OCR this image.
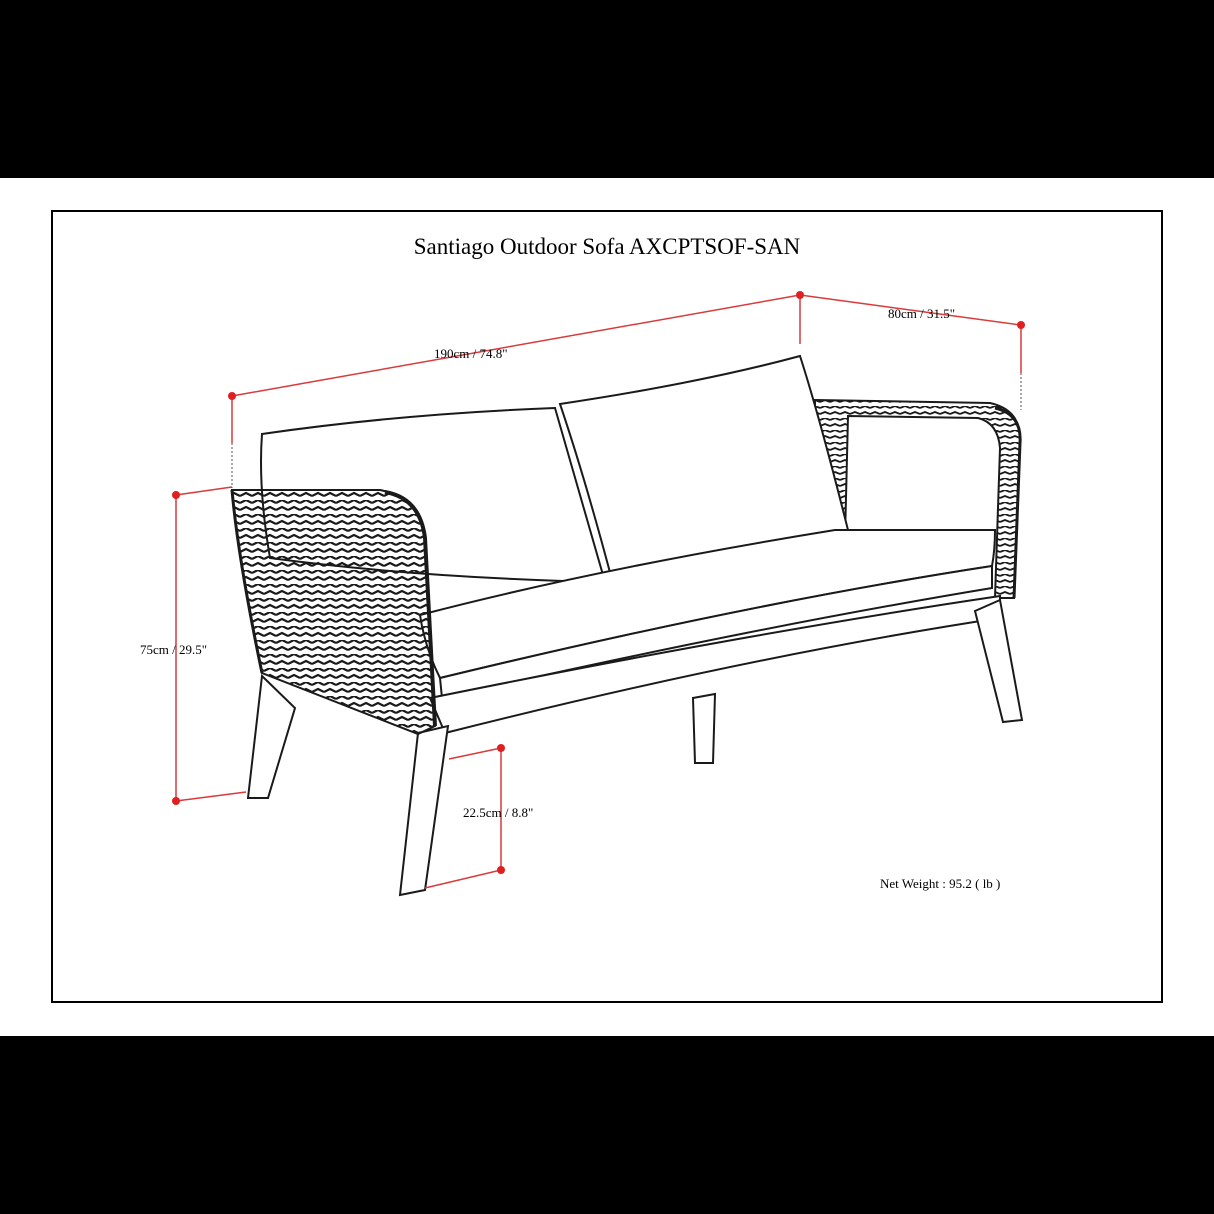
Santiago Outdoor Sofa AXCPTSOF-SAN
190cm / 74.8"
80cm / 31.5"
75cm / 29.5"
22.5cm / 8.8"
Net Weight : 95.2 ( lb )
